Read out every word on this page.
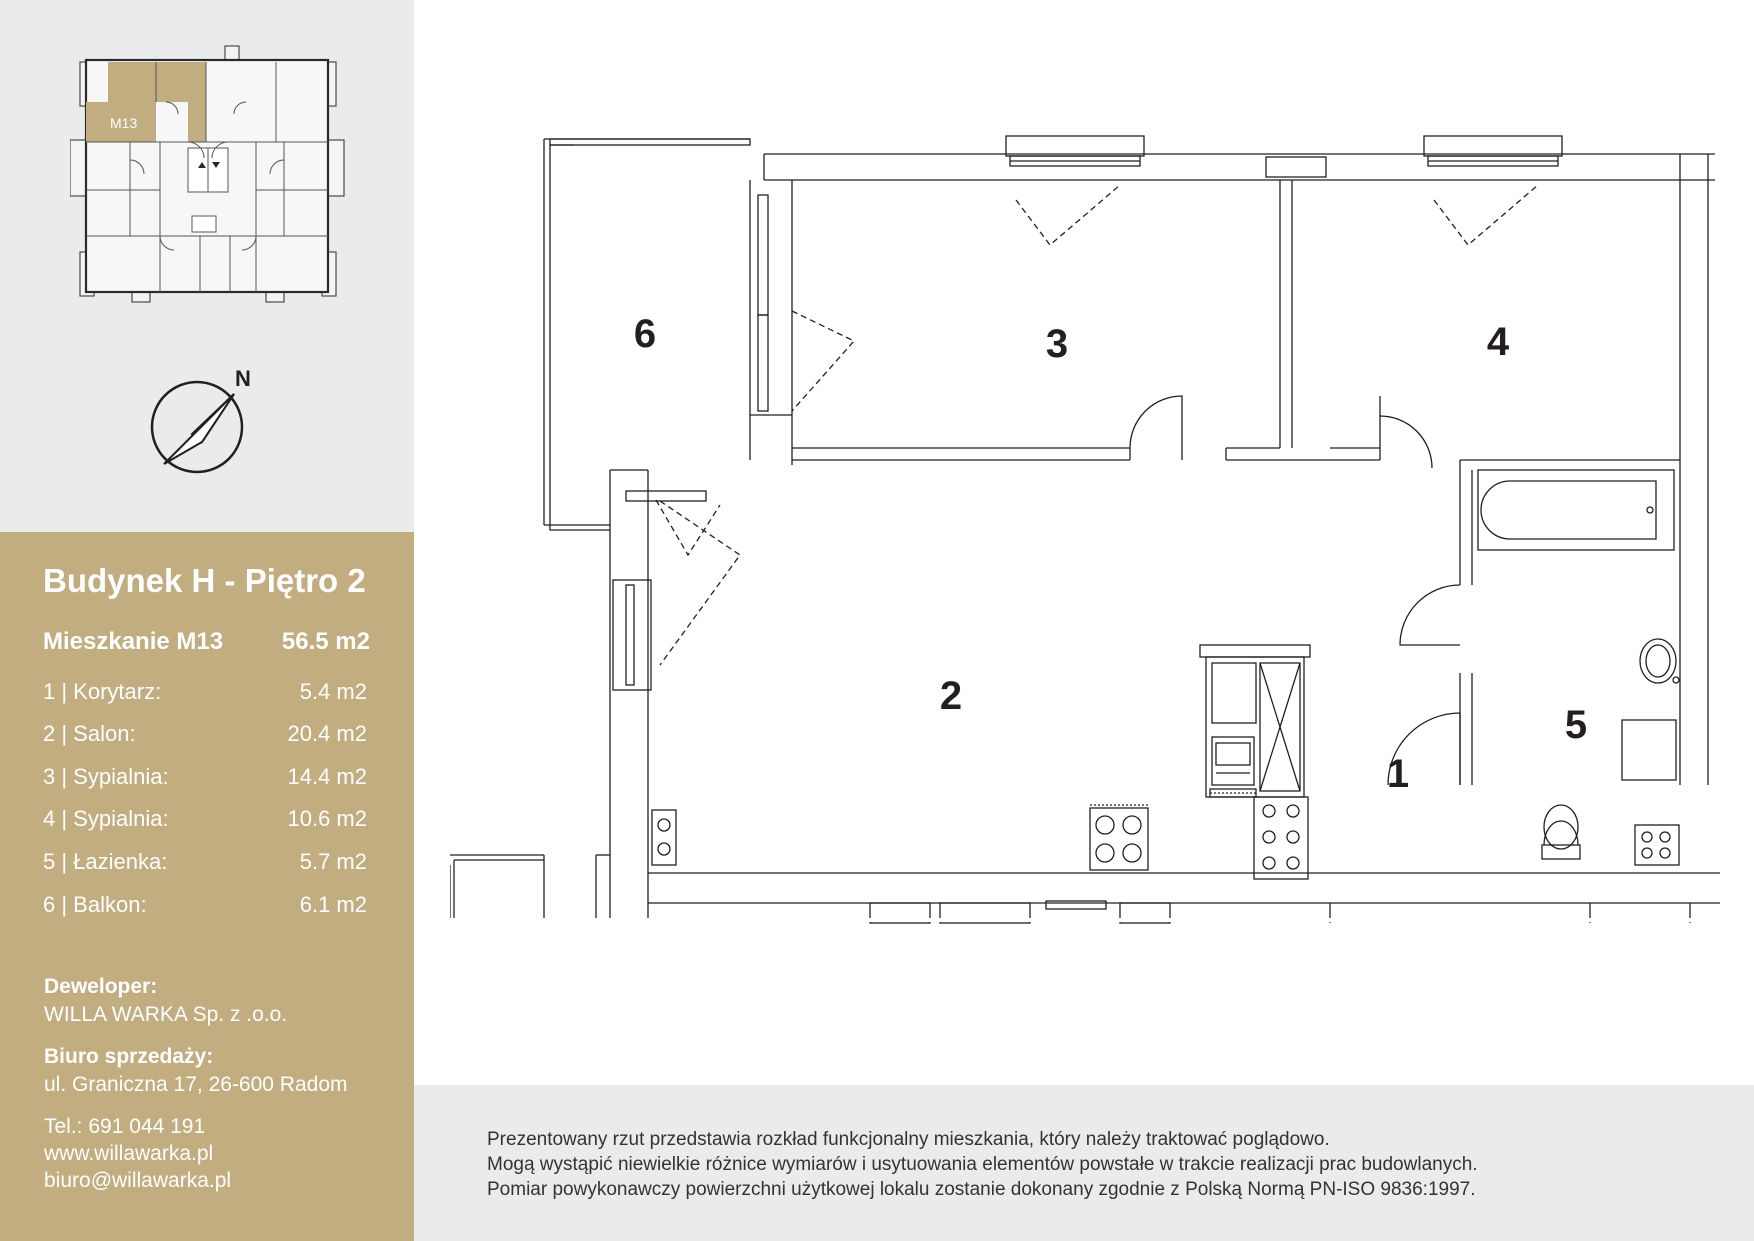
M13
N
Budynek H - Piętro 2
Mieszkanie M13 56.5 m2
1 | Korytarz:	5.4 m2
2 | Salon:	20.4 m2
3 | Sypialnia:	14.4 m2
4 | Sypialnia:	10.6 m2
5 | Łazienka:	5.7 m2
6 | Balkon:	6.1 m2
Deweloper:
WILLA WARKA Sp. z .o.o.
Biuro sprzedaży:
ul. Graniczna 17, 26-600 Radom
Tel.: 691 044 191
www.willawarka.pl
biuro@willawarka.pl
6	3	4
2
1
5
Prezentowany rzut przedstawia rozkład funkcjonalny mieszkania, który należy traktować poglądowo.
Mogą wystąpić niewielkie różnice wymiarów i usytuowania elementów powstałe w trakcie realizacji prac budowlanych.
Pomiar powykonawczy powierzchni użytkowej lokalu zostanie dokonany zgodnie z Polską Normą PN-ISO 9836:1997.
